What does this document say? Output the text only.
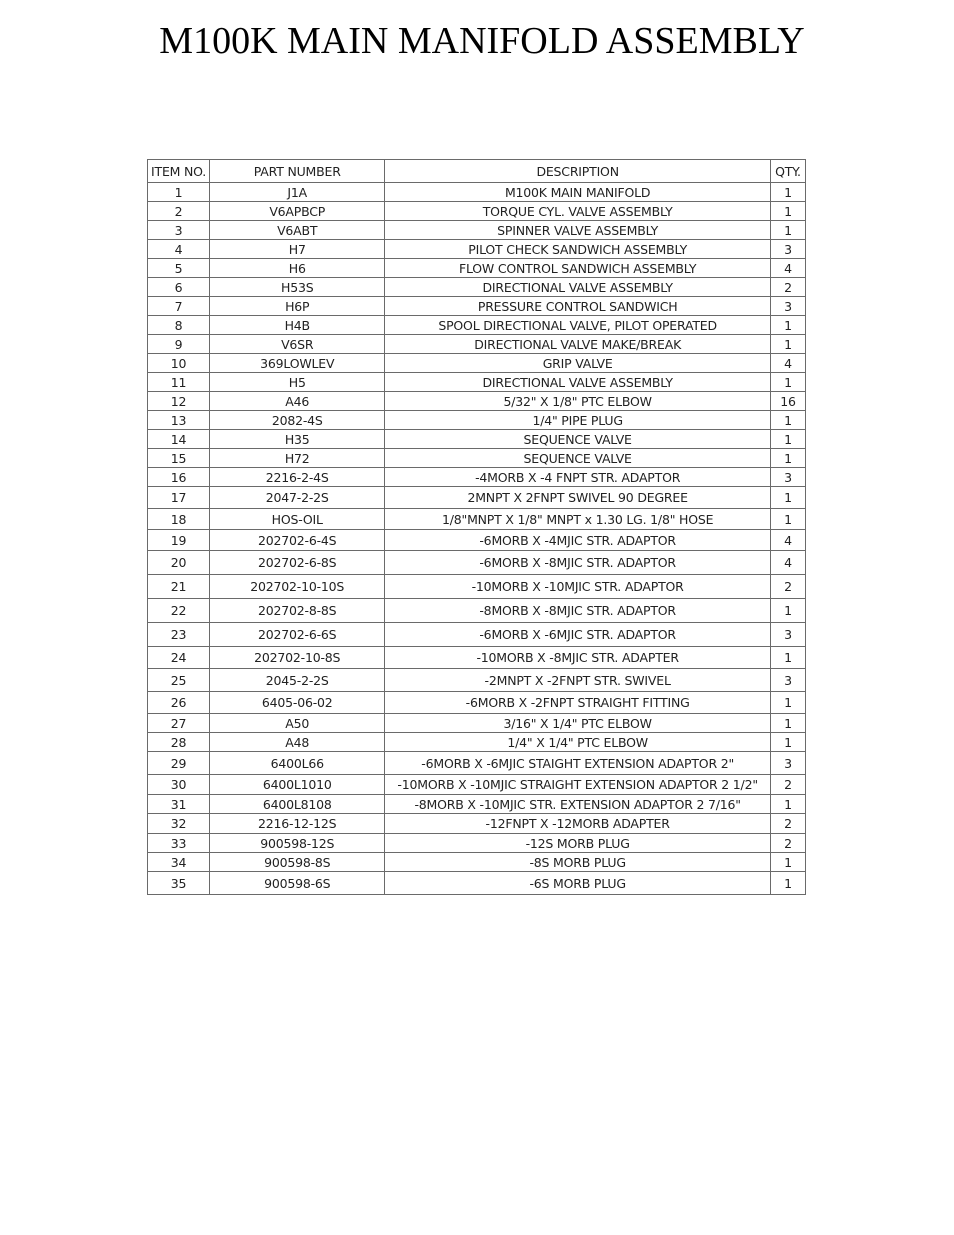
M100K MAIN MANIFOLD ASSEMBLY
ITEM NO.	PART NUMBER	DESCRIPTION	QTY.
1	J1A	M100K MAIN MANIFOLD	1
2	V6APBCP	TORQUE CYL. VALVE ASSEMBLY	1
3	V6ABT	SPINNER VALVE ASSEMBLY	1
4	H7	PILOT CHECK SANDWICH ASSEMBLY	3
5	H6	FLOW CONTROL SANDWICH ASSEMBLY	4
6	H53S	DIRECTIONAL VALVE ASSEMBLY	2
7	H6P	PRESSURE CONTROL SANDWICH	3
8	H4B	SPOOL DIRECTIONAL VALVE, PILOT OPERATED	1
9	V6SR	DIRECTIONAL VALVE MAKE/BREAK	1
10	369LOWLEV	GRIP VALVE	4
11	H5	DIRECTIONAL VALVE ASSEMBLY	1
12	A46	5/32" X 1/8" PTC ELBOW	16
13	2082-4S	1/4" PIPE PLUG	1
14	H35	SEQUENCE VALVE	1
15	H72	SEQUENCE VALVE	1
16	2216-2-4S	-4MORB X -4 FNPT STR. ADAPTOR	3
17	2047-2-2S	2MNPT X 2FNPT SWIVEL 90 DEGREE	1
18	HOS-OIL	1/8"MNPT X 1/8" MNPT x 1.30 LG. 1/8" HOSE	1
19	202702-6-4S	-6MORB X -4MJIC STR. ADAPTOR	4
20	202702-6-8S	-6MORB X -8MJIC STR. ADAPTOR	4
21	202702-10-10S	-10MORB X -10MJIC STR. ADAPTOR	2
22	202702-8-8S	-8MORB X -8MJIC STR. ADAPTOR	1
23	202702-6-6S	-6MORB X -6MJIC STR. ADAPTOR	3
24	202702-10-8S	-10MORB X -8MJIC STR. ADAPTER	1
25	2045-2-2S	-2MNPT X -2FNPT STR. SWIVEL	3
26	6405-06-02	-6MORB X -2FNPT STRAIGHT FITTING	1
27	A50	3/16" X 1/4" PTC ELBOW	1
28	A48	1/4" X 1/4" PTC ELBOW	1
29	6400L66	-6MORB X -6MJIC STAIGHT EXTENSION ADAPTOR 2"	3
30	6400L1010	-10MORB X -10MJIC STRAIGHT EXTENSION ADAPTOR 2 1/2"	2
31	6400L8108	-8MORB X -10MJIC STR. EXTENSION ADAPTOR 2 7/16"	1
32	2216-12-12S	-12FNPT X -12MORB ADAPTER	2
33	900598-12S	-12S MORB PLUG	2
34	900598-8S	-8S MORB PLUG	1
35	900598-6S	-6S MORB PLUG	1
